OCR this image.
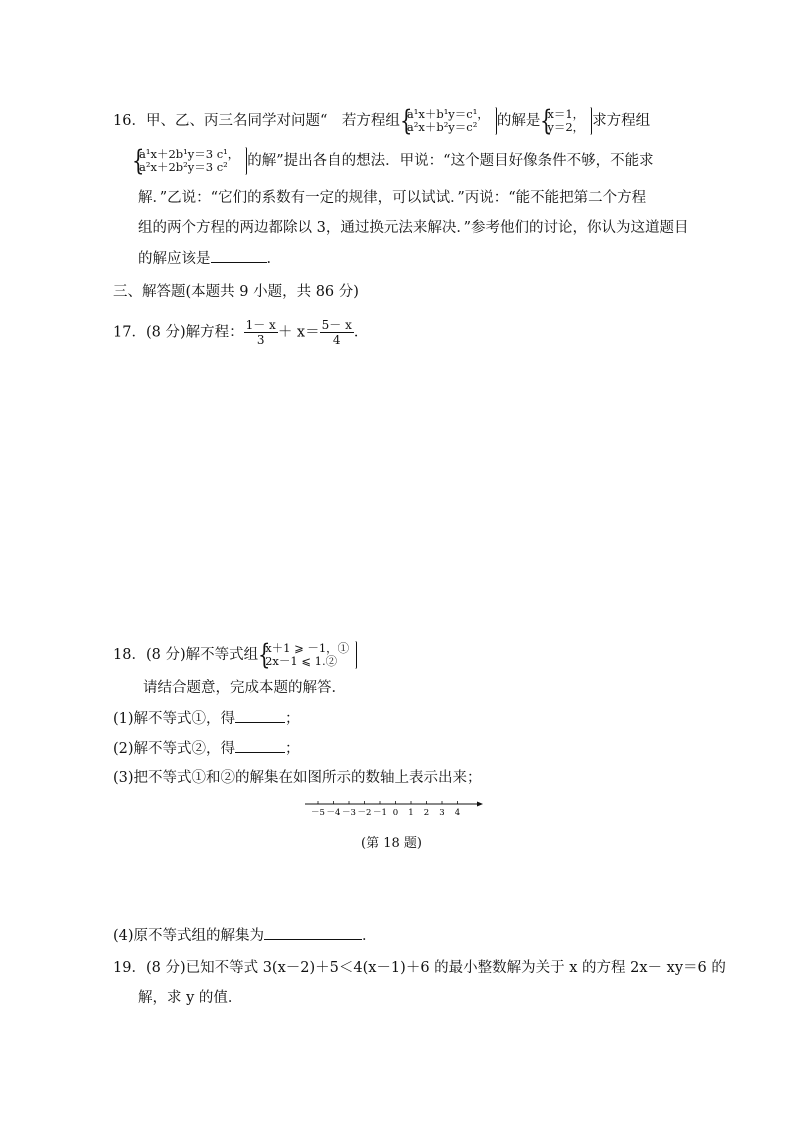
16．甲、乙、丙三名同学对问题“　若方程组 {
a¹x＋b¹y＝c¹，
a²x＋b²y＝c²	的解是 {
x＝1，
y＝2， 求方程组
{
a¹x＋2b¹y＝3 c¹，
a²x＋2b²y＝3 c²	的解”提出各自的想法．甲说：“这个题目好像条件不够，不能求
解．”乙说：“它们的系数有一定的规律，可以试试．”丙说：“能不能把第二个方程
组的两个方程的两边都除以 3，通过换元法来解决．”参考他们的讨论，你认为这道题目
的解应该是	．
三、解答题(本题共 9 小题，共 86 分)
17．(8 分)解方程： $\frac{1- x}{3} + x= \frac{5- x}{4}$ ．
18．(8 分)解不等式组 {
x＋1 ⩾ －1，①
2x－1 ⩽ 1.②
请结合题意，完成本题的解答．
(1)解不等式①，得	；
(2)解不等式②，得	；
(3)把不等式①和②的解集在如图所示的数轴上表示出来；
－5 －4 －3 －2 －1 0 1 2 3 4
(第 18 题)
(4)原不等式组的解集为	．
19．(8 分)已知不等式 3(x－2)＋5＜4(x－1)＋6 的最小整数解为关于 x 的方程 2x－ xy＝6 的
解，求 y 的值．
